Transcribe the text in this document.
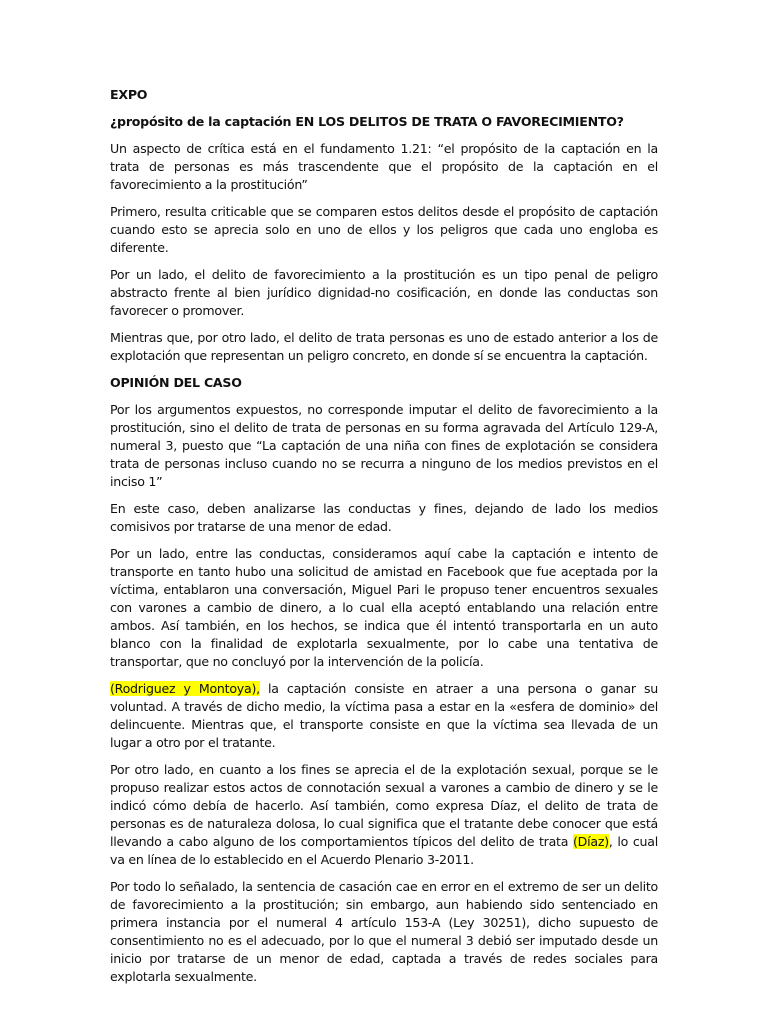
EXPO

¿propósito de la captación EN LOS DELITOS DE TRATA O FAVORECIMIENTO?

Un aspecto de crítica está en el fundamento 1.21: “el propósito de la captación en la trata de personas es más trascendente que el propósito de la captación en el favorecimiento a la prostitución”

Primero, resulta criticable que se comparen estos delitos desde el propósito de captación cuando esto se aprecia solo en uno de ellos y los peligros que cada uno engloba es diferente.

Por un lado, el delito de favorecimiento a la prostitución es un tipo penal de peligro abstracto frente al bien jurídico dignidad-no cosificación, en donde las conductas son favorecer o promover.

Mientras que, por otro lado, el delito de trata personas es uno de estado anterior a los de explotación que representan un peligro concreto, en donde sí se encuentra la captación.

OPINIÓN DEL CASO

Por los argumentos expuestos, no corresponde imputar el delito de favorecimiento a la prostitución, sino el delito de trata de personas en su forma agravada del Artículo 129-A, numeral 3, puesto que “La captación de una niña con fines de explotación se considera trata de personas incluso cuando no se recurra a ninguno de los medios previstos en el inciso 1”

En este caso, deben analizarse las conductas y fines, dejando de lado los medios comisivos por tratarse de una menor de edad.

Por un lado, entre las conductas, consideramos aquí cabe la captación e intento de transporte en tanto hubo una solicitud de amistad en Facebook que fue aceptada por la víctima, entablaron una conversación, Miguel Pari le propuso tener encuentros sexuales con varones a cambio de dinero, a lo cual ella aceptó entablando una relación entre ambos. Así también, en los hechos, se indica que él intentó transportarla en un auto blanco con la finalidad de explotarla sexualmente, por lo cabe una tentativa de transportar, que no concluyó por la intervención de la policía.

(Rodriguez y Montoya), la captación consiste en atraer a una persona o ganar su voluntad. A través de dicho medio, la víctima pasa a estar en la «esfera de dominio» del delincuente. Mientras que, el transporte consiste en que la víctima sea llevada de un lugar a otro por el tratante.

Por otro lado, en cuanto a los fines se aprecia el de la explotación sexual, porque se le propuso realizar estos actos de connotación sexual a varones a cambio de dinero y se le indicó cómo debía de hacerlo. Así también, como expresa Díaz, el delito de trata de personas es de naturaleza dolosa, lo cual significa que el tratante debe conocer que está llevando a cabo alguno de los comportamientos típicos del delito de trata (Díaz), lo cual va en línea de lo establecido en el Acuerdo Plenario 3-2011.

Por todo lo señalado, la sentencia de casación cae en error en el extremo de ser un delito de favorecimiento a la prostitución; sin embargo, aun habiendo sido sentenciado en primera instancia por el numeral 4 artículo 153-A (Ley 30251), dicho supuesto de consentimiento no es el adecuado, por lo que el numeral 3 debió ser imputado desde un inicio por tratarse de un menor de edad, captada a través de redes sociales para explotarla sexualmente.
